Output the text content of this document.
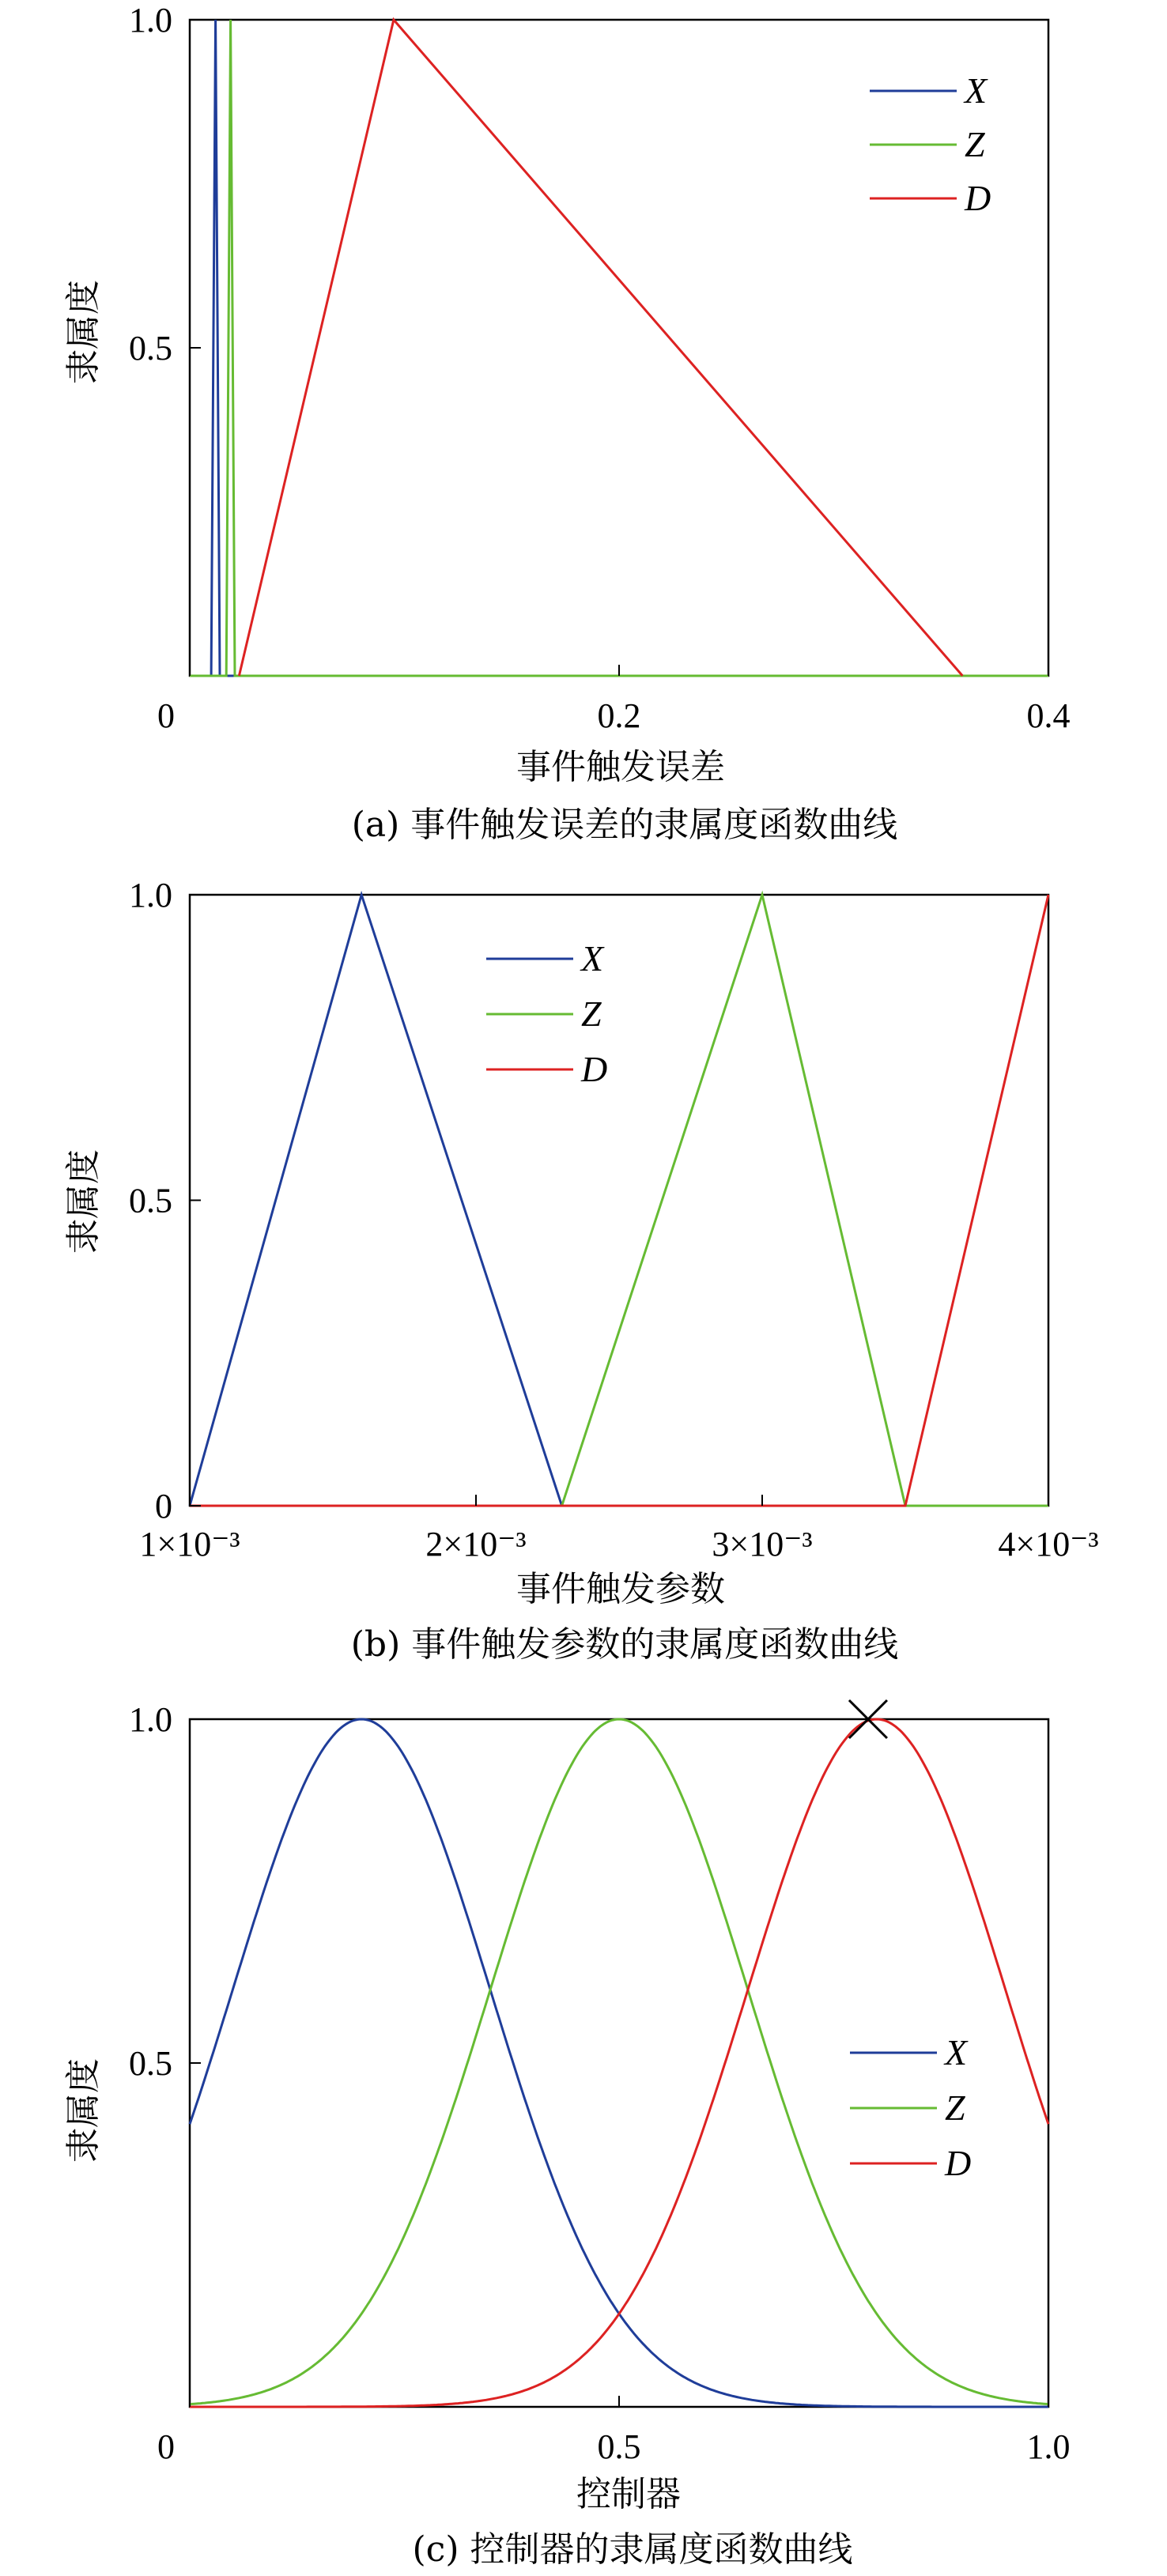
0.2	0.4
0.5
1.0
0
X
Z
D
隶属度
事件触发误差
(a) 事件触发误差的隶属度函数曲线
1×10⁻³	2×10⁻³	3×10⁻³	4×10⁻³
0
0.5
1.0
X
Z
D
隶属度
事件触发参数
(b) 事件触发参数的隶属度函数曲线
0.5	1.0
0.5
1.0
0
X
Z
D
隶属度
控制器
(c) 控制器的隶属度函数曲线
